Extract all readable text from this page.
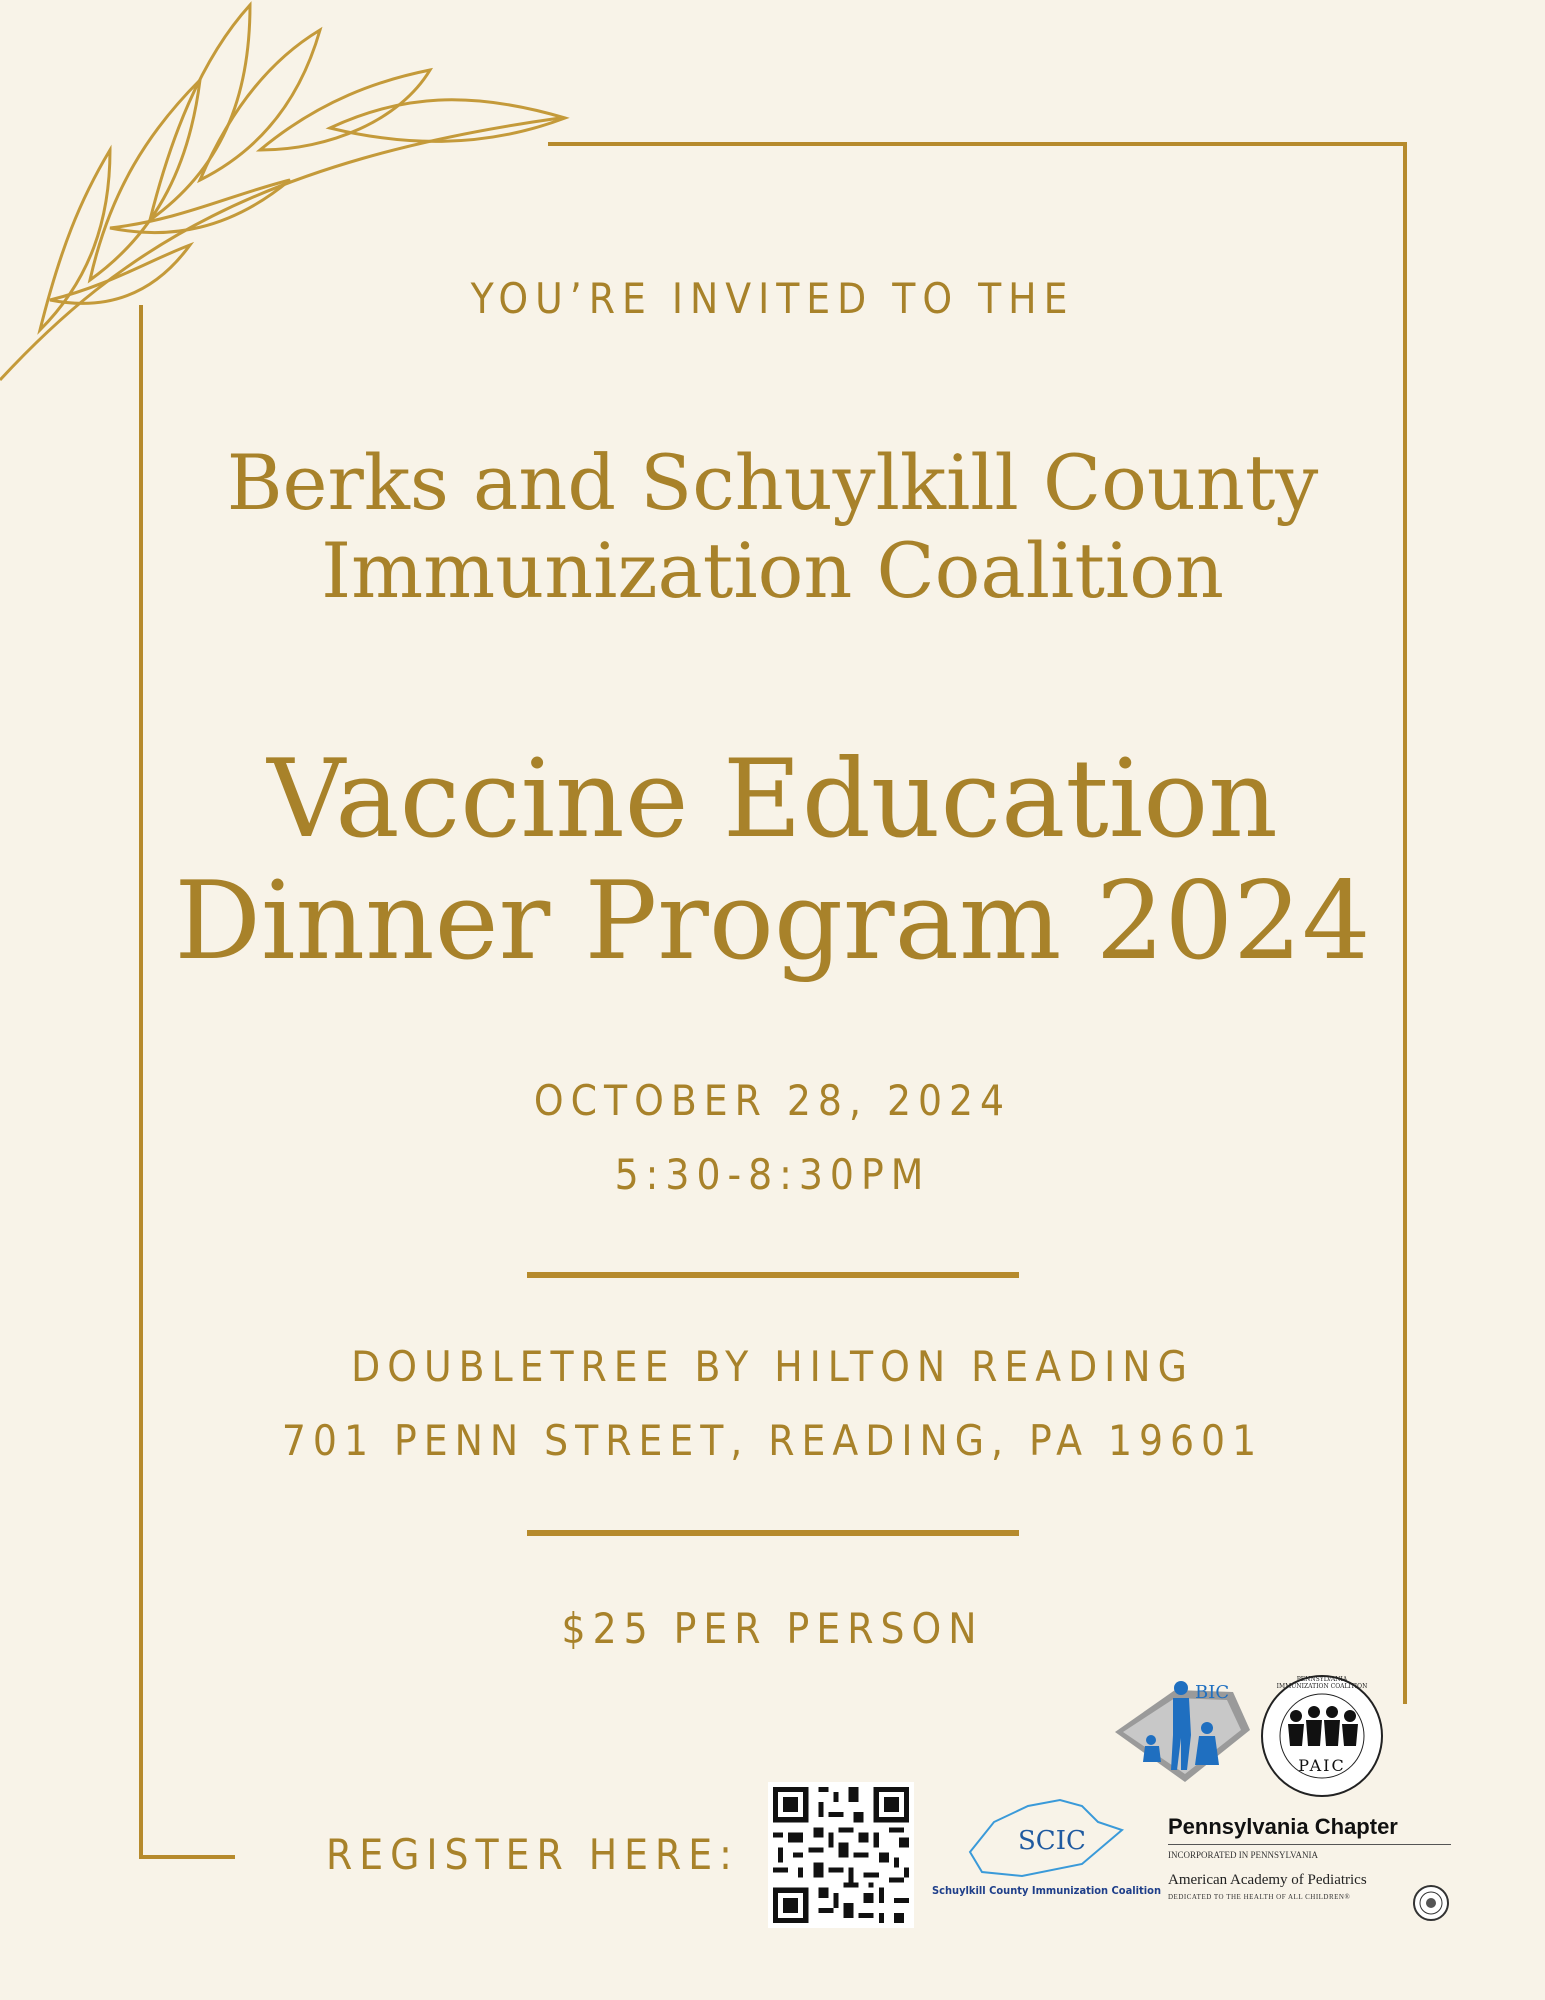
YOU’RE INVITED TO THE
Berks and Schuylkill County
Immunization Coalition
Vaccine Education
Dinner Program 2024
OCTOBER 28, 2024
5:30-8:30PM
DOUBLETREE BY HILTON READING
701 PENN STREET, READING, PA 19601
$25 PER PERSON
REGISTER HERE:
BIC
PENNSYLVANIA IMMUNIZATION COALITION
PAIC
SCIC
Schuylkill County Immunization Coalition
Pennsylvania Chapter
INCORPORATED IN PENNSYLVANIA
American Academy of Pediatrics
DEDICATED TO THE HEALTH OF ALL CHILDREN®
